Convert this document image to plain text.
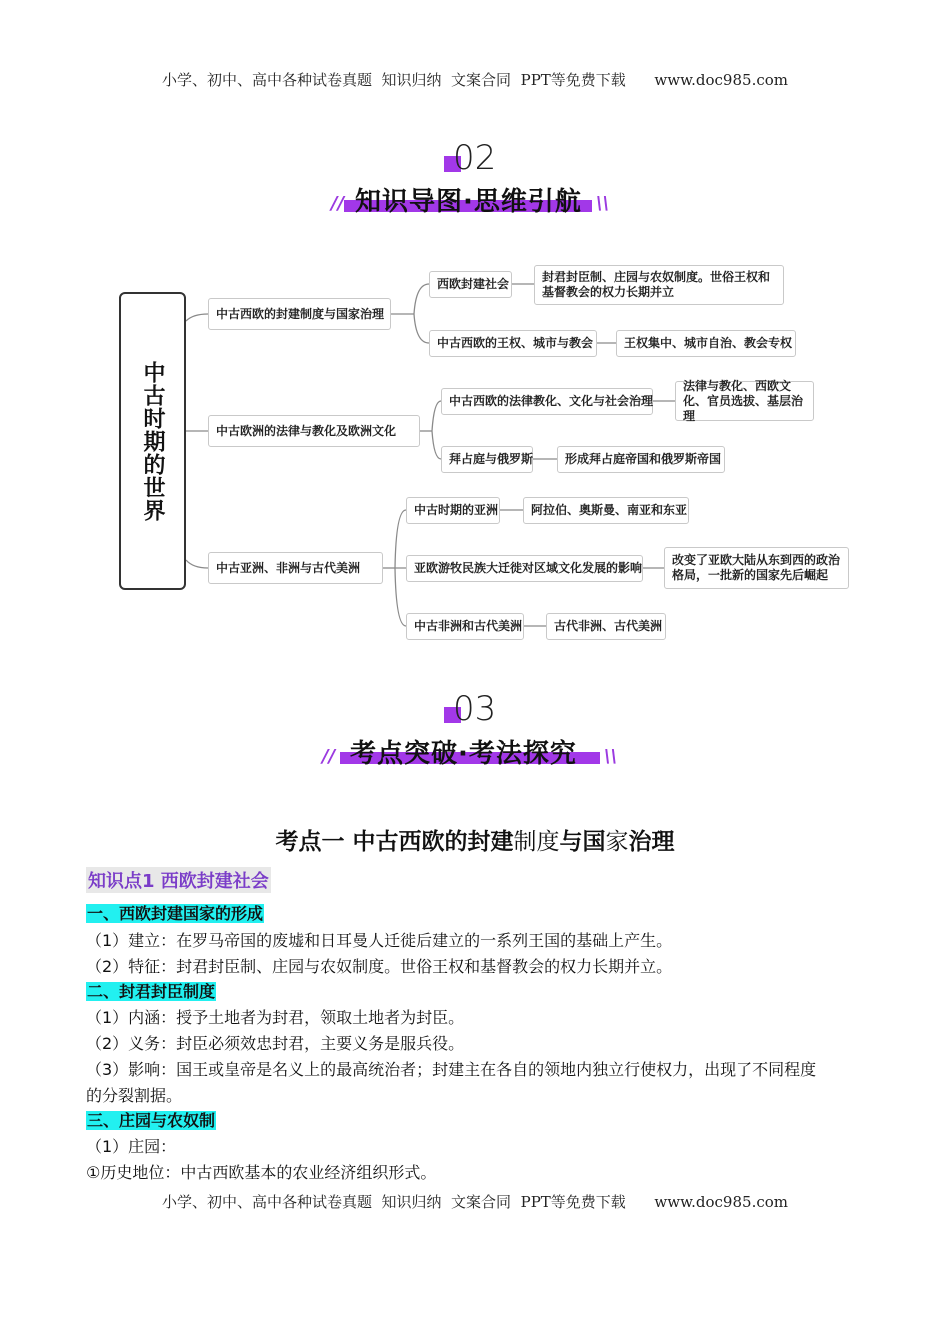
小学、初中、高中各种试卷真题  知识归纳  文案合同  PPT等免费下载      www.doc985.com
02
//	\\
知识导图·思维引航
中古时期的世界
中古西欧的封建制度与国家治理
中古欧洲的法律与教化及欧洲文化
中古亚洲、非洲与古代美洲
西欧封建社会	封君封臣制、庄园与农奴制度。世俗王权和基督教会的权力长期并立
中古西欧的王权、城市与教会	王权集中、城市自治、教会专权
中古西欧的法律教化、文化与社会治理
法律与教化、西欧文化、官员选拔、基层治理
拜占庭与俄罗斯	形成拜占庭帝国和俄罗斯帝国
中古时期的亚洲	阿拉伯、奥斯曼、南亚和东亚
亚欧游牧民族大迁徙对区域文化发展的影响
改变了亚欧大陆从东到西的政治格局，一批新的国家先后崛起
中古非洲和古代美洲	古代非洲、古代美洲
03
//	\\
考点突破·考法探究
考点一 中古西欧的封建制度与国家治理
知识点1 西欧封建社会
一、西欧封建国家的形成
（1）建立：在罗马帝国的废墟和日耳曼人迁徙后建立的一系列王国的基础上产生。
（2）特征：封君封臣制、庄园与农奴制度。世俗王权和基督教会的权力长期并立。
二、封君封臣制度
（1）内涵：授予土地者为封君，领取土地者为封臣。
（2）义务：封臣必须效忠封君，主要义务是服兵役。
（3）影响：国王或皇帝是名义上的最高统治者；封建主在各自的领地内独立行使权力，出现了不同程度
的分裂割据。
三、庄园与农奴制
（1）庄园：
①历史地位：中古西欧基本的农业经济组织形式。
小学、初中、高中各种试卷真题  知识归纳  文案合同  PPT等免费下载      www.doc985.com
